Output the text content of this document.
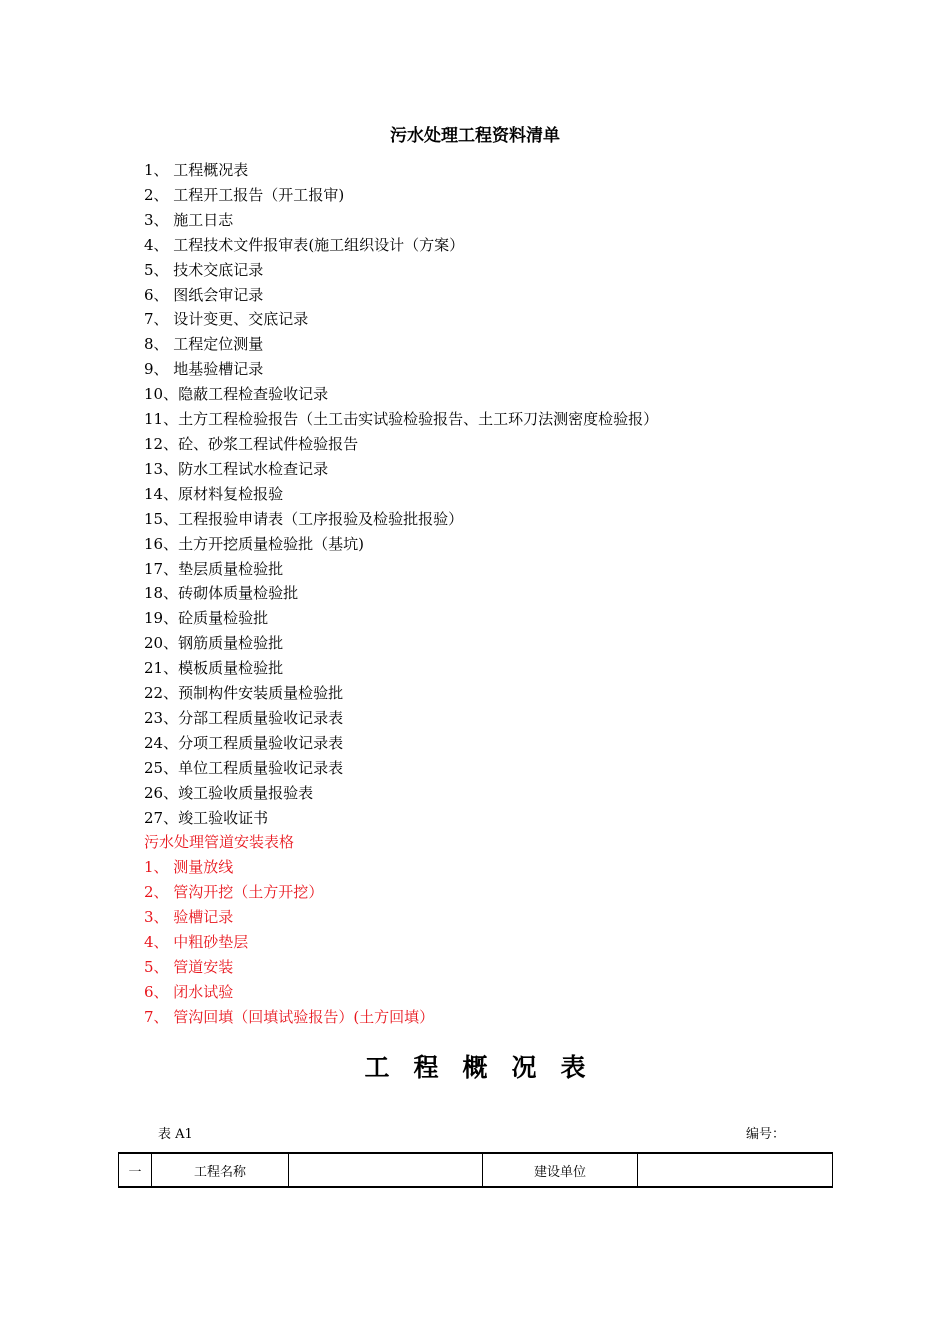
污水处理工程资料清单
1、 工程概况表
2、 工程开工报告（开工报审)
3、 施工日志
4、 工程技术文件报审表(施工组织设计（方案）
5、 技术交底记录
6、 图纸会审记录
7、 设计变更、交底记录
8、 工程定位测量
9、 地基验槽记录
10、隐蔽工程检查验收记录
11、土方工程检验报告（土工击实试验检验报告、土工环刀法测密度检验报）
12、砼、砂浆工程试件检验报告
13、防水工程试水检查记录
14、原材料复检报验
15、工程报验申请表（工序报验及检验批报验）
16、土方开挖质量检验批（基坑)
17、垫层质量检验批
18、砖砌体质量检验批
19、砼质量检验批
20、钢筋质量检验批
21、模板质量检验批
22、预制构件安装质量检验批
23、分部工程质量验收记录表
24、分项工程质量验收记录表
25、单位工程质量验收记录表
26、竣工验收质量报验表
27、竣工验收证书
污水处理管道安装表格
1、 测量放线
2、 管沟开挖（土方开挖）
3、 验槽记录
4、 中粗砂垫层
5、 管道安装
6、 闭水试验
7、 管沟回填（回填试验报告）(土方回填）
工程概况表
表 A1	编号：
一	工程名称		建设单位	
